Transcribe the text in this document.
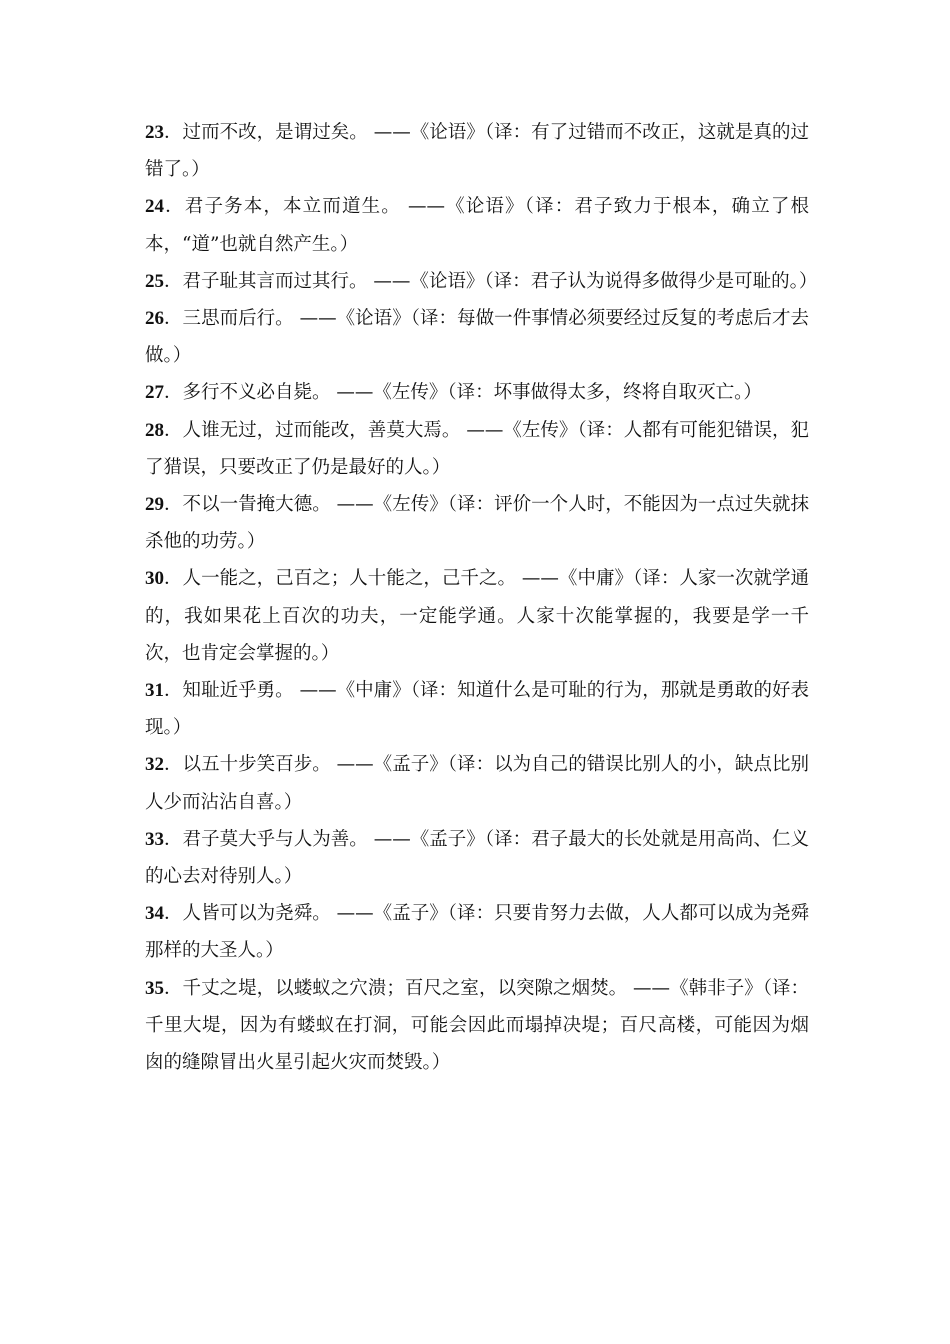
23．过而不改，是谓过矣。 ——《论语》（译：有了过错而不改正，这就是真的过错了。）

24．君子务本，本立而道生。 ——《论语》（译：君子致力于根本，确立了根本，“道”也就自然产生。）

25．君子耻其言而过其行。 ——《论语》（译：君子认为说得多做得少是可耻的。）

26．三思而后行。 ——《论语》（译：每做一件事情必须要经过反复的考虑后才去做。）

27．多行不义必自毙。 ——《左传》（译：坏事做得太多，终将自取灭亡。）

28．人谁无过，过而能改，善莫大焉。 ——《左传》（译：人都有可能犯错误，犯了猎误，只要改正了仍是最好的人。）

29．不以一眚掩大德。 ——《左传》（译：评价一个人时，不能因为一点过失就抹杀他的功劳。）

30．人一能之，己百之；人十能之，己千之。 ——《中庸》（译：人家一次就学通的，我如果花上百次的功夫，一定能学通。人家十次能掌握的，我要是学一千次，也肯定会掌握的。）

31．知耻近乎勇。 ——《中庸》（译：知道什么是可耻的行为，那就是勇敢的好表现。）

32．以五十步笑百步。 ——《孟子》（译：以为自己的错误比别人的小，缺点比别人少而沾沾自喜。）

33．君子莫大乎与人为善。 ——《孟子》（译：君子最大的长处就是用高尚、仁义的心去对待别人。）

34．人皆可以为尧舜。 ——《孟子》（译：只要肯努力去做，人人都可以成为尧舜那样的大圣人。）

35．千丈之堤，以蝼蚁之穴溃；百尺之室，以突隙之烟焚。 ——《韩非子》（译：千里大堤，因为有蝼蚁在打洞，可能会因此而塌掉决堤；百尺高楼，可能因为烟囱的缝隙冒出火星引起火灾而焚毁。）
